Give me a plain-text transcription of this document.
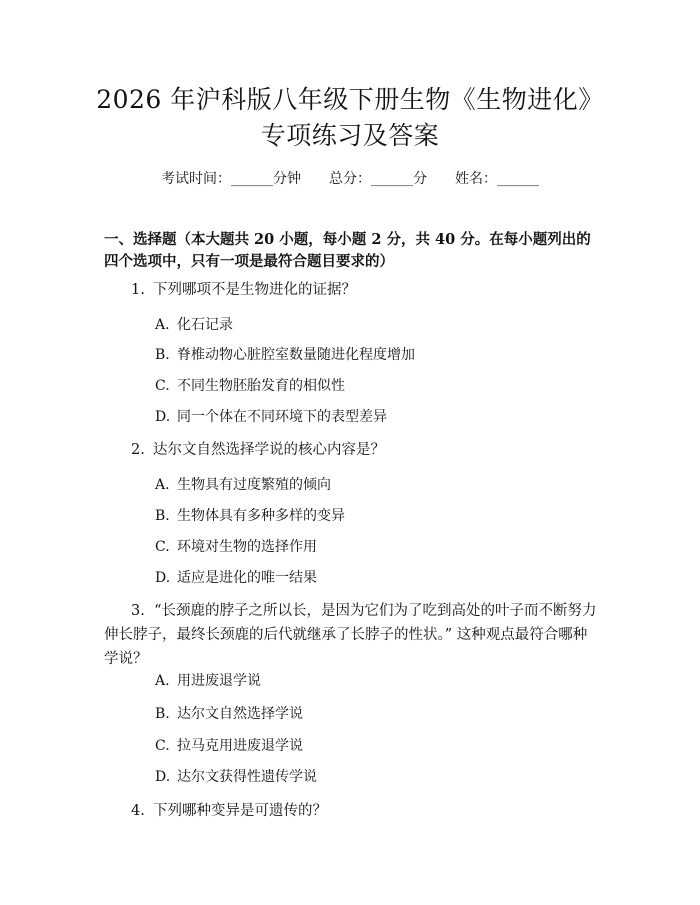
2026 年沪科版八年级下册生物《生物进化》
专项练习及答案
考试时间：______分钟 总分：______分 姓名：______
一、选择题（本大题共 20 小题，每小题 2 分，共 40 分。在每小题列出的四个选项中，只有一项是最符合题目要求的）
1. 下列哪项不是生物进化的证据？
A. 化石记录
B. 脊椎动物心脏腔室数量随进化程度增加
C. 不同生物胚胎发育的相似性
D. 同一个体在不同环境下的表型差异
2. 达尔文自然选择学说的核心内容是？
A. 生物具有过度繁殖的倾向
B. 生物体具有多种多样的变异
C. 环境对生物的选择作用
D. 适应是进化的唯一结果
3. “长颈鹿的脖子之所以长，是因为它们为了吃到高处的叶子而不断努力伸长脖子，最终长颈鹿的后代就继承了长脖子的性状。” 这种观点最符合哪种学说？
A. 用进废退学说
B. 达尔文自然选择学说
C. 拉马克用进废退学说
D. 达尔文获得性遗传学说
4. 下列哪种变异是可遗传的？
